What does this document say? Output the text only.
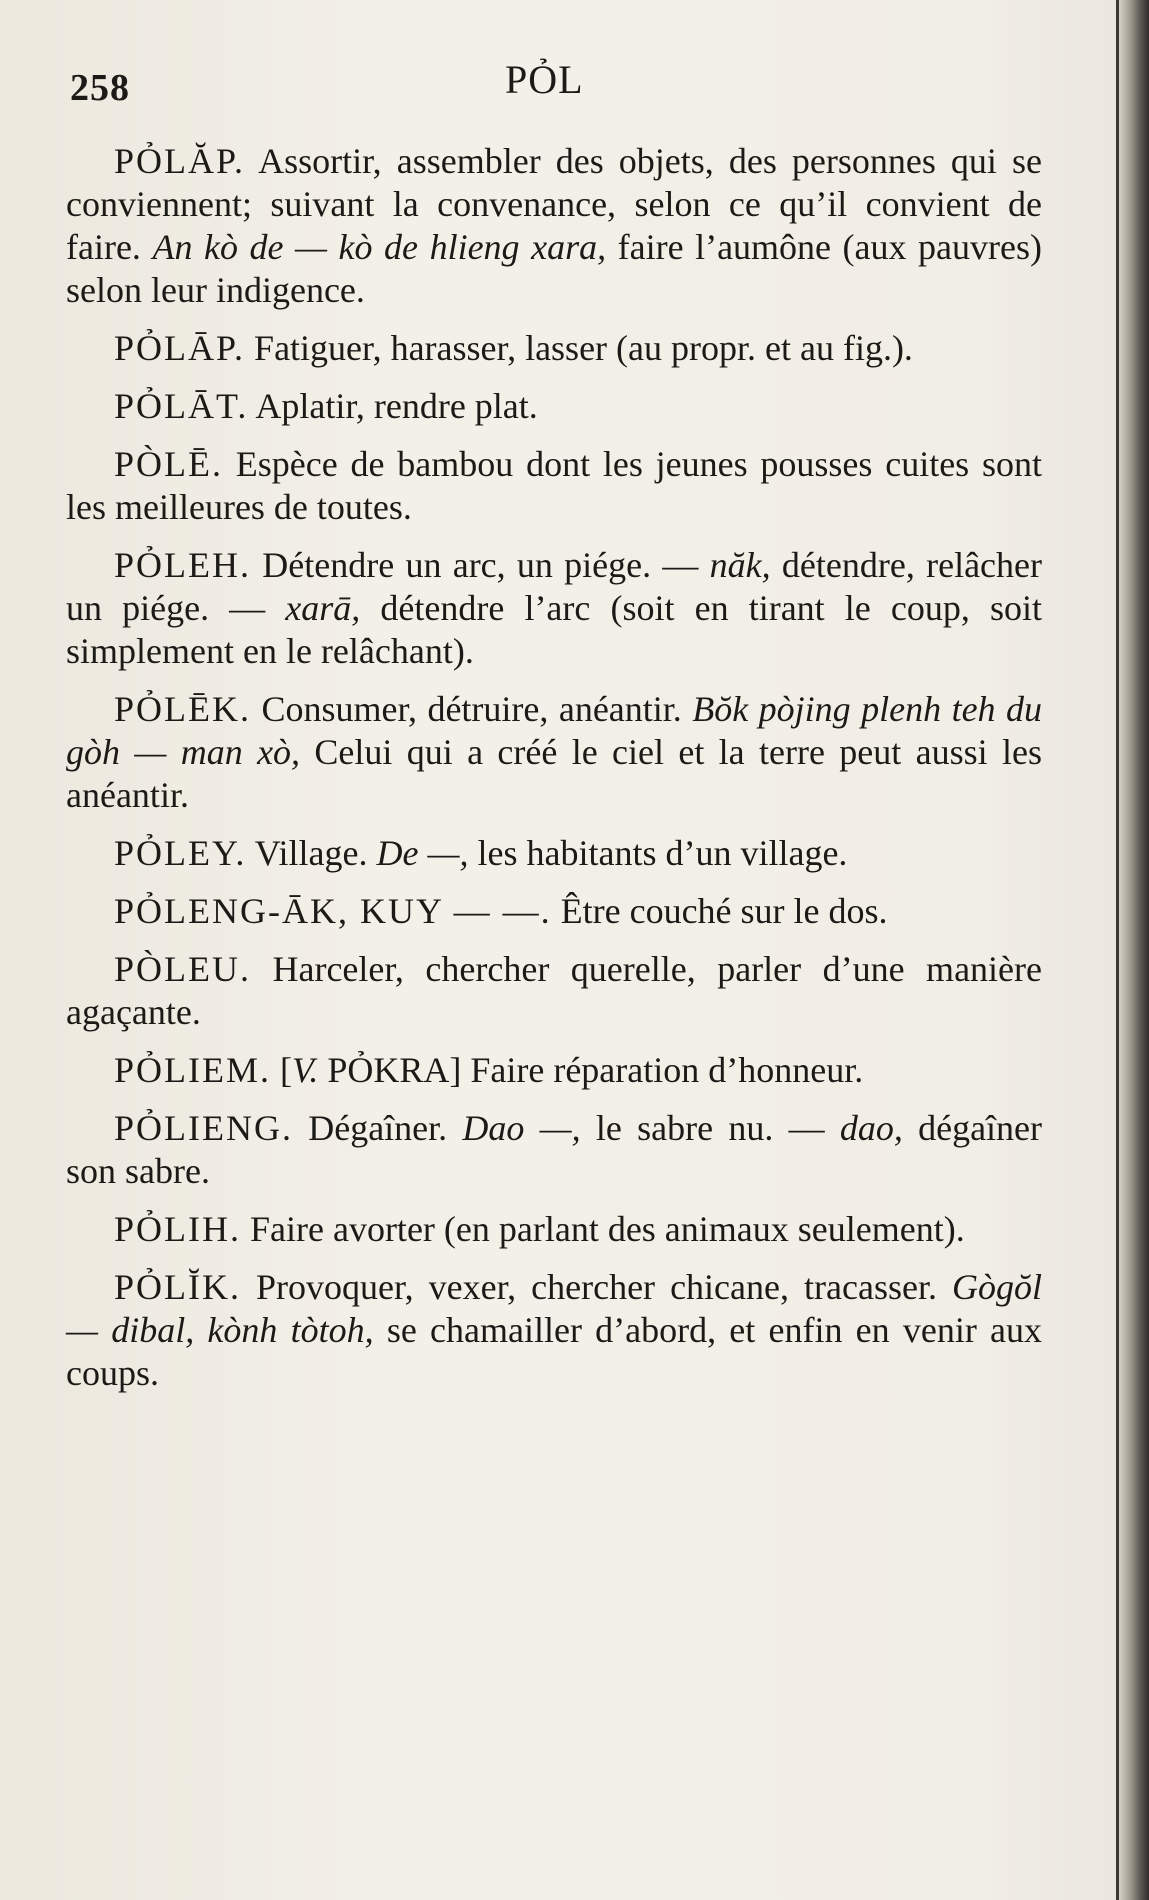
258	PỎL

PỎLĂP. Assortir, assembler des objets, des personnes qui se conviennent; suivant la convenance, selon ce qu’il convient de faire. An kò de — kò de hlieng xara, faire l’aumône (aux pauvres) selon leur indigence.

PỎLĀP. Fatiguer, harasser, lasser (au propr. et au fig.).

PỎLĀT. Aplatir, rendre plat.

PÒLĒ. Espèce de bambou dont les jeunes pousses cuites sont les meilleures de toutes.

PỎLEH. Détendre un arc, un piége. — năk, détendre, relâcher un piége. — xarā, détendre l’arc (soit en tirant le coup, soit simplement en le relâchant).

PỎLĒK. Consumer, détruire, anéantir. Bŏk pòjing plenh teh du gòh — man xò, Celui qui a créé le ciel et la terre peut aussi les anéantir.

PỎLEY. Village. De —, les habitants d’un village.

PỎLENG-ĀK, KUY — —. Être couché sur le dos.

PÒLEU. Harceler, chercher querelle, parler d’une manière agaçante.

PỎLIEM. [V. PỎKRA] Faire réparation d’honneur.

PỎLIENG. Dégaîner. Dao —, le sabre nu. — dao, dégaîner son sabre.

PỎLIH. Faire avorter (en parlant des animaux seulement).

PỎLĬK. Provoquer, vexer, chercher chicane, tracasser. Gògŏl — dibal, kònh tòtoh, se chamailler d’abord, et enfin en venir aux coups.
